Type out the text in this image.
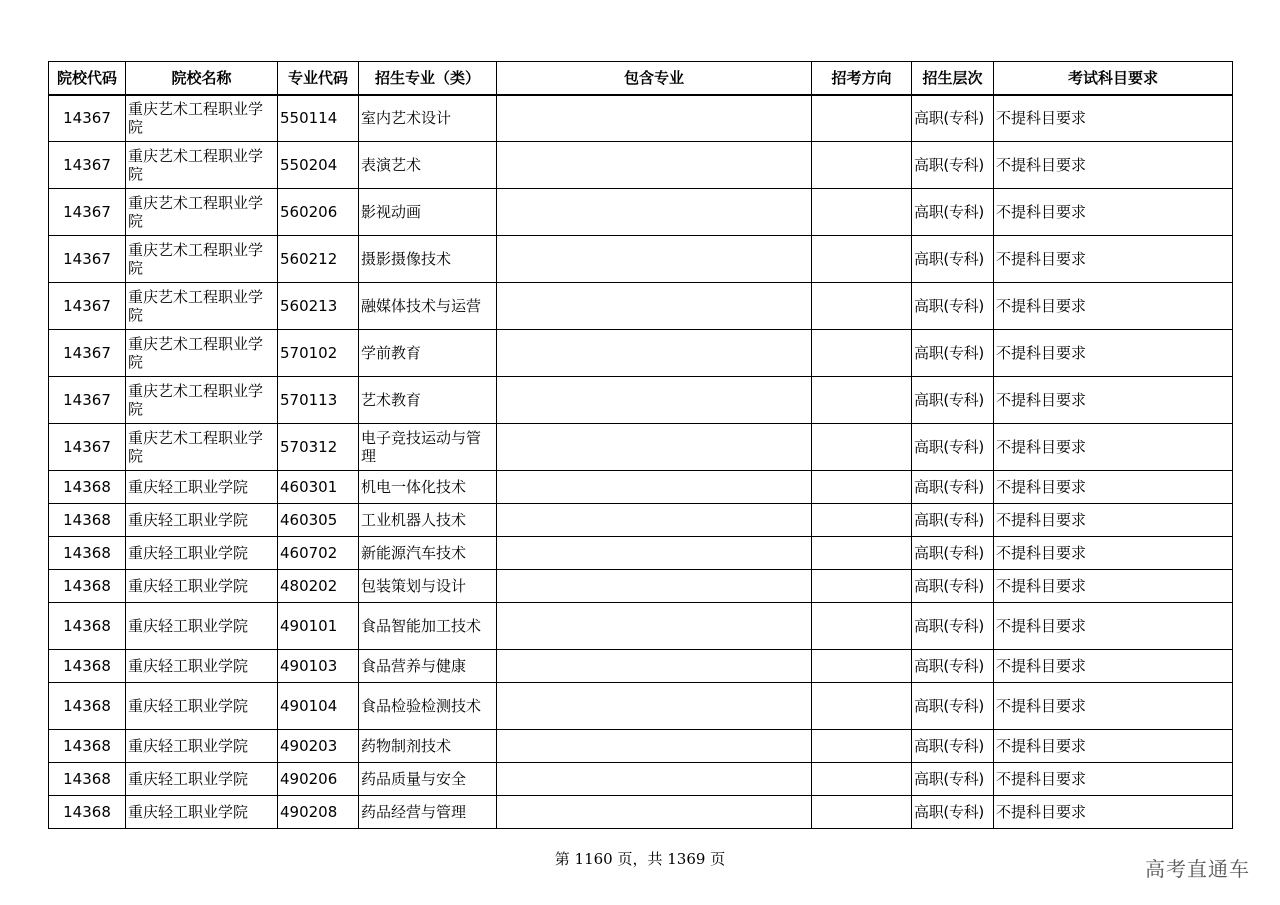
院校代码	院校名称	专业代码	招生专业（类）	包含专业	招考方向	招生层次	考试科目要求
14367	重庆艺术工程职业学院	550114	室内艺术设计			高职(专科)	不提科目要求
14367	重庆艺术工程职业学院	550204	表演艺术			高职(专科)	不提科目要求
14367	重庆艺术工程职业学院	560206	影视动画			高职(专科)	不提科目要求
14367	重庆艺术工程职业学院	560212	摄影摄像技术			高职(专科)	不提科目要求
14367	重庆艺术工程职业学院	560213	融媒体技术与运营			高职(专科)	不提科目要求
14367	重庆艺术工程职业学院	570102	学前教育			高职(专科)	不提科目要求
14367	重庆艺术工程职业学院	570113	艺术教育			高职(专科)	不提科目要求
14367	重庆艺术工程职业学院	570312	电子竞技运动与管理			高职(专科)	不提科目要求
14368	重庆轻工职业学院	460301	机电一体化技术			高职(专科)	不提科目要求
14368	重庆轻工职业学院	460305	工业机器人技术			高职(专科)	不提科目要求
14368	重庆轻工职业学院	460702	新能源汽车技术			高职(专科)	不提科目要求
14368	重庆轻工职业学院	480202	包装策划与设计			高职(专科)	不提科目要求
14368	重庆轻工职业学院	490101	食品智能加工技术			高职(专科)	不提科目要求
14368	重庆轻工职业学院	490103	食品营养与健康			高职(专科)	不提科目要求
14368	重庆轻工职业学院	490104	食品检验检测技术			高职(专科)	不提科目要求
14368	重庆轻工职业学院	490203	药物制剂技术			高职(专科)	不提科目要求
14368	重庆轻工职业学院	490206	药品质量与安全			高职(专科)	不提科目要求
14368	重庆轻工职业学院	490208	药品经营与管理			高职(专科)	不提科目要求
第 1160 页，共 1369 页	高考直通车
